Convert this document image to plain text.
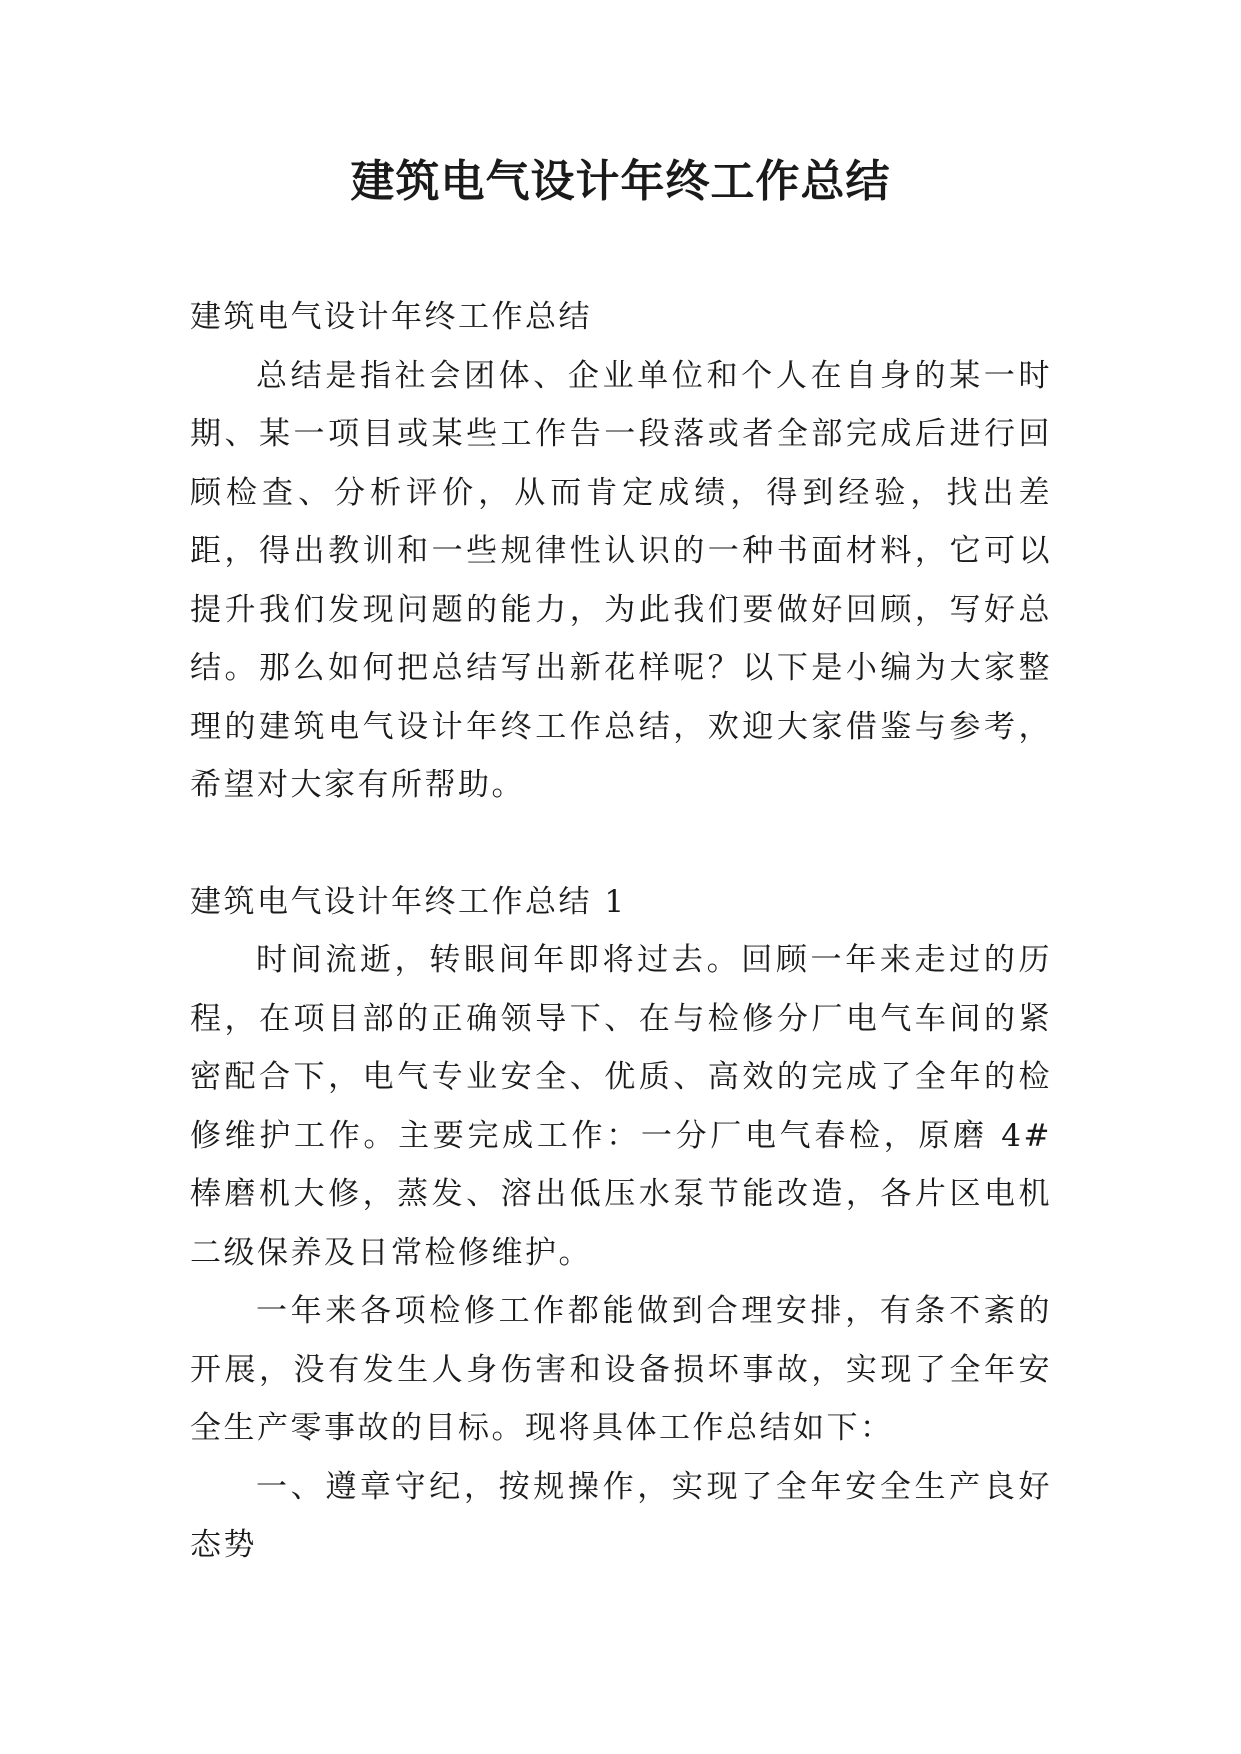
建筑电气设计年终工作总结

建筑电气设计年终工作总结

总结是指社会团体、企业单位和个人在自身的某一时期、某一项目或某些工作告一段落或者全部完成后进行回顾检查、分析评价，从而肯定成绩，得到经验，找出差距，得出教训和一些规律性认识的一种书面材料，它可以提升我们发现问题的能力，为此我们要做好回顾，写好总结。那么如何把总结写出新花样呢？以下是小编为大家整理的建筑电气设计年终工作总结，欢迎大家借鉴与参考，希望对大家有所帮助。

建筑电气设计年终工作总结 1

时间流逝，转眼间年即将过去。回顾一年来走过的历程，在项目部的正确领导下、在与检修分厂电气车间的紧密配合下，电气专业安全、优质、高效的完成了全年的检修维护工作。主要完成工作：一分厂电气春检，原磨 4#棒磨机大修，蒸发、溶出低压水泵节能改造，各片区电机二级保养及日常检修维护。

一年来各项检修工作都能做到合理安排，有条不紊的开展，没有发生人身伤害和设备损坏事故，实现了全年安全生产零事故的目标。现将具体工作总结如下：

一、遵章守纪，按规操作，实现了全年安全生产良好态势
